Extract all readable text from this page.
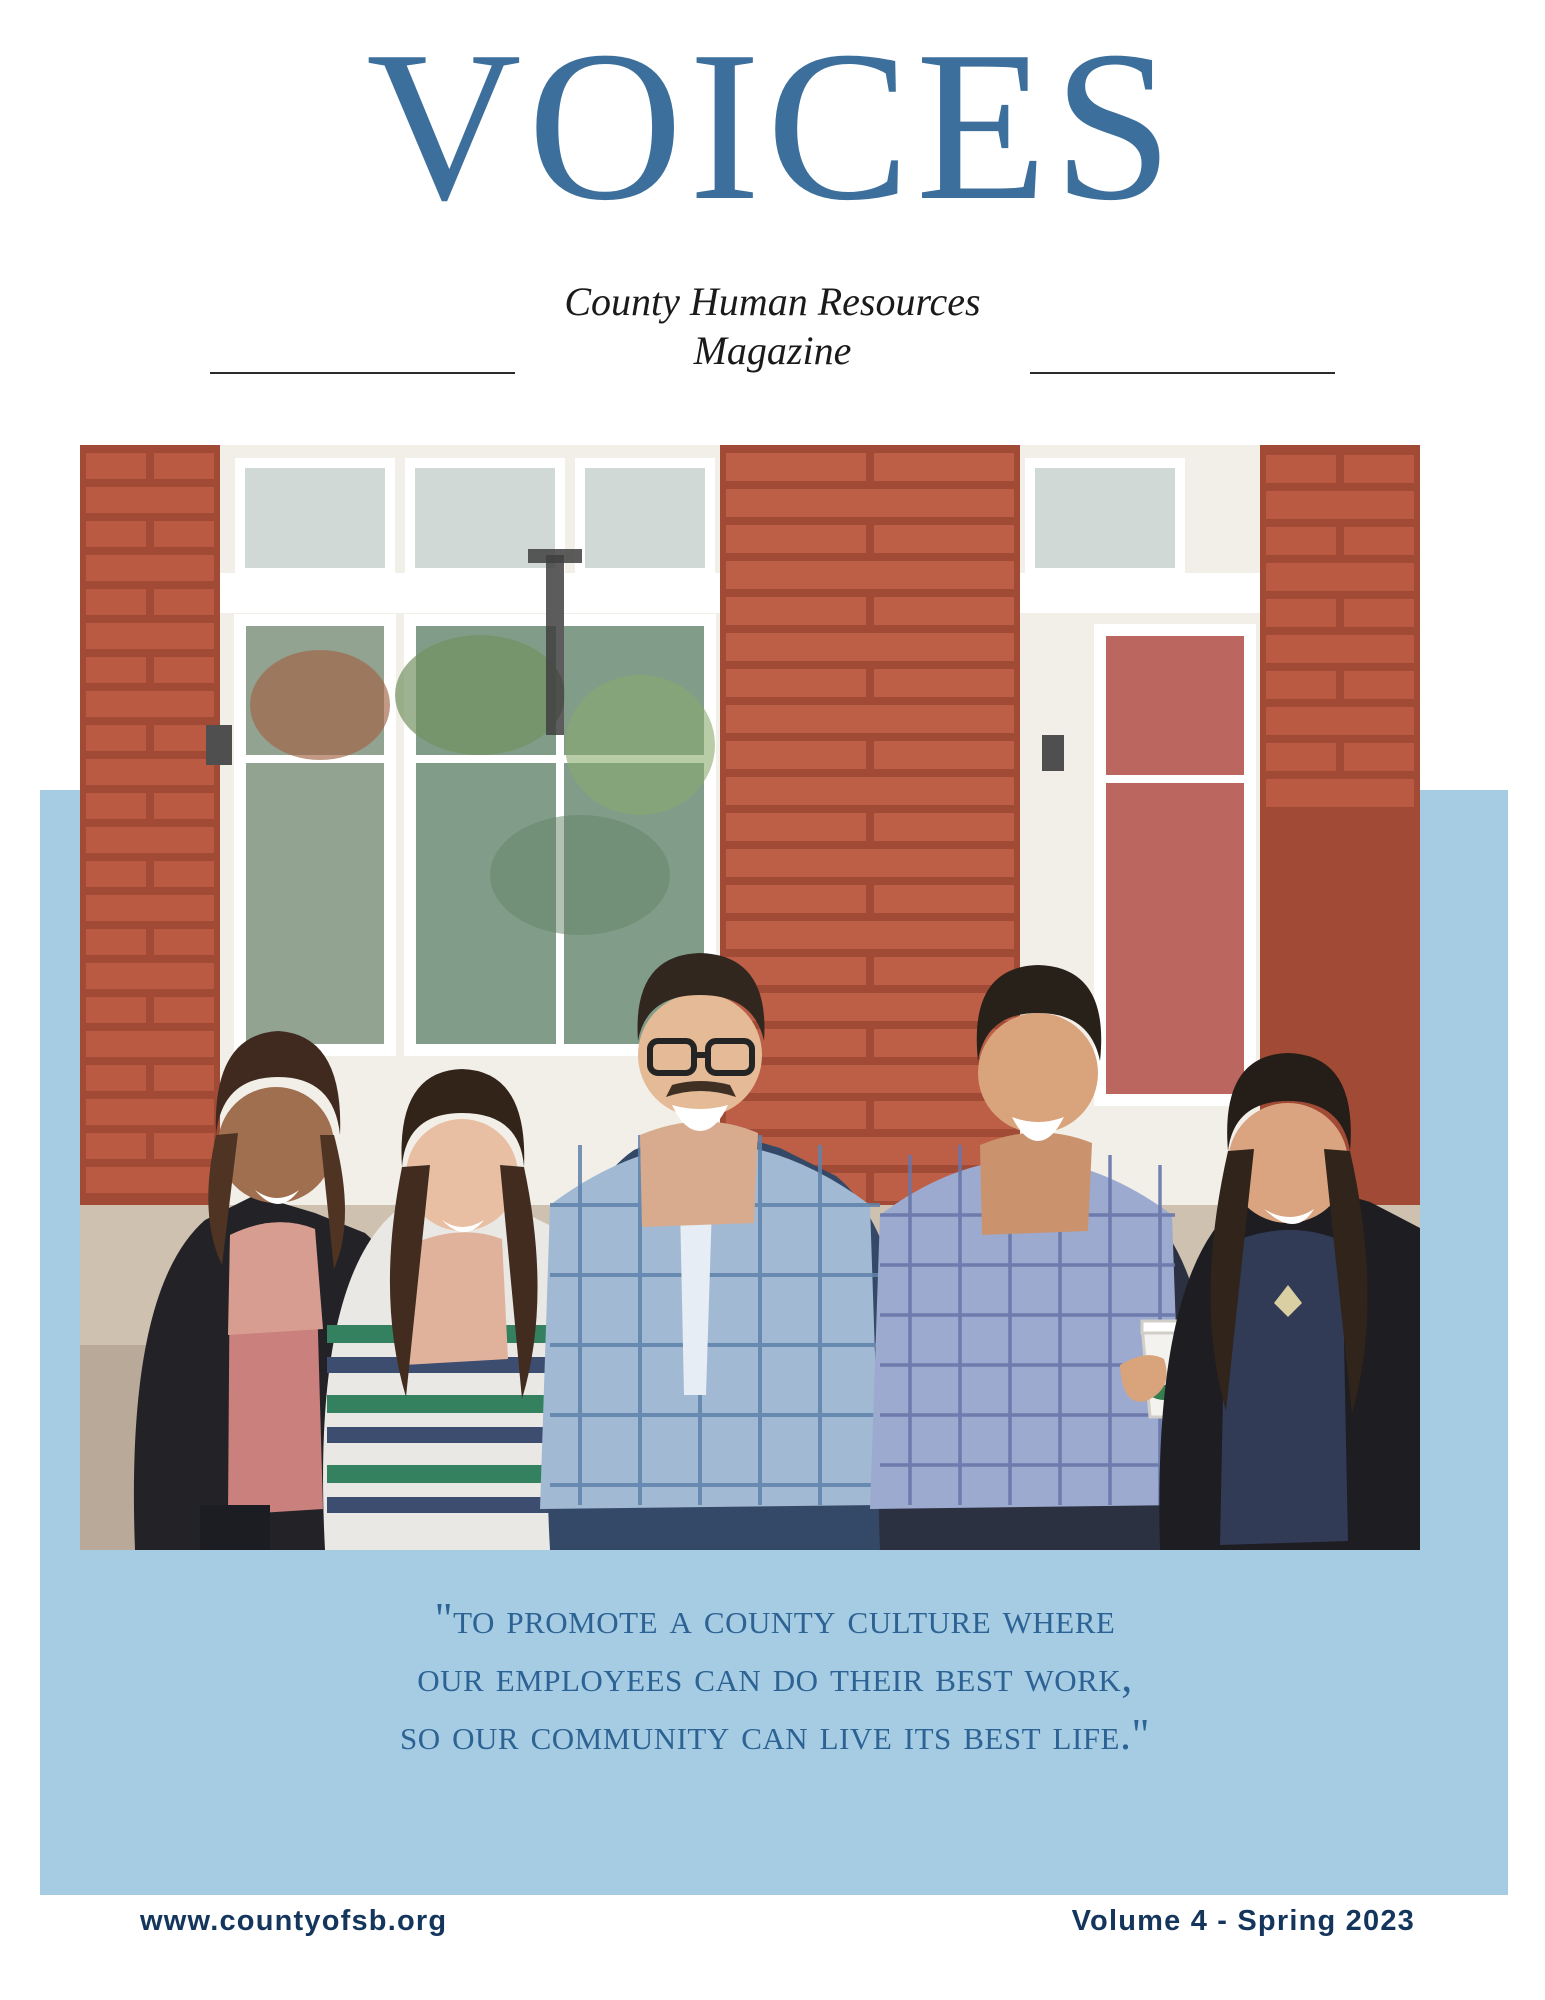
VOICES
County Human Resources
Magazine
"to promote a county culture where
our employees can do their best work,
so our community can live its best life."
www.countyofsb.org	Volume 4 - Spring 2023
